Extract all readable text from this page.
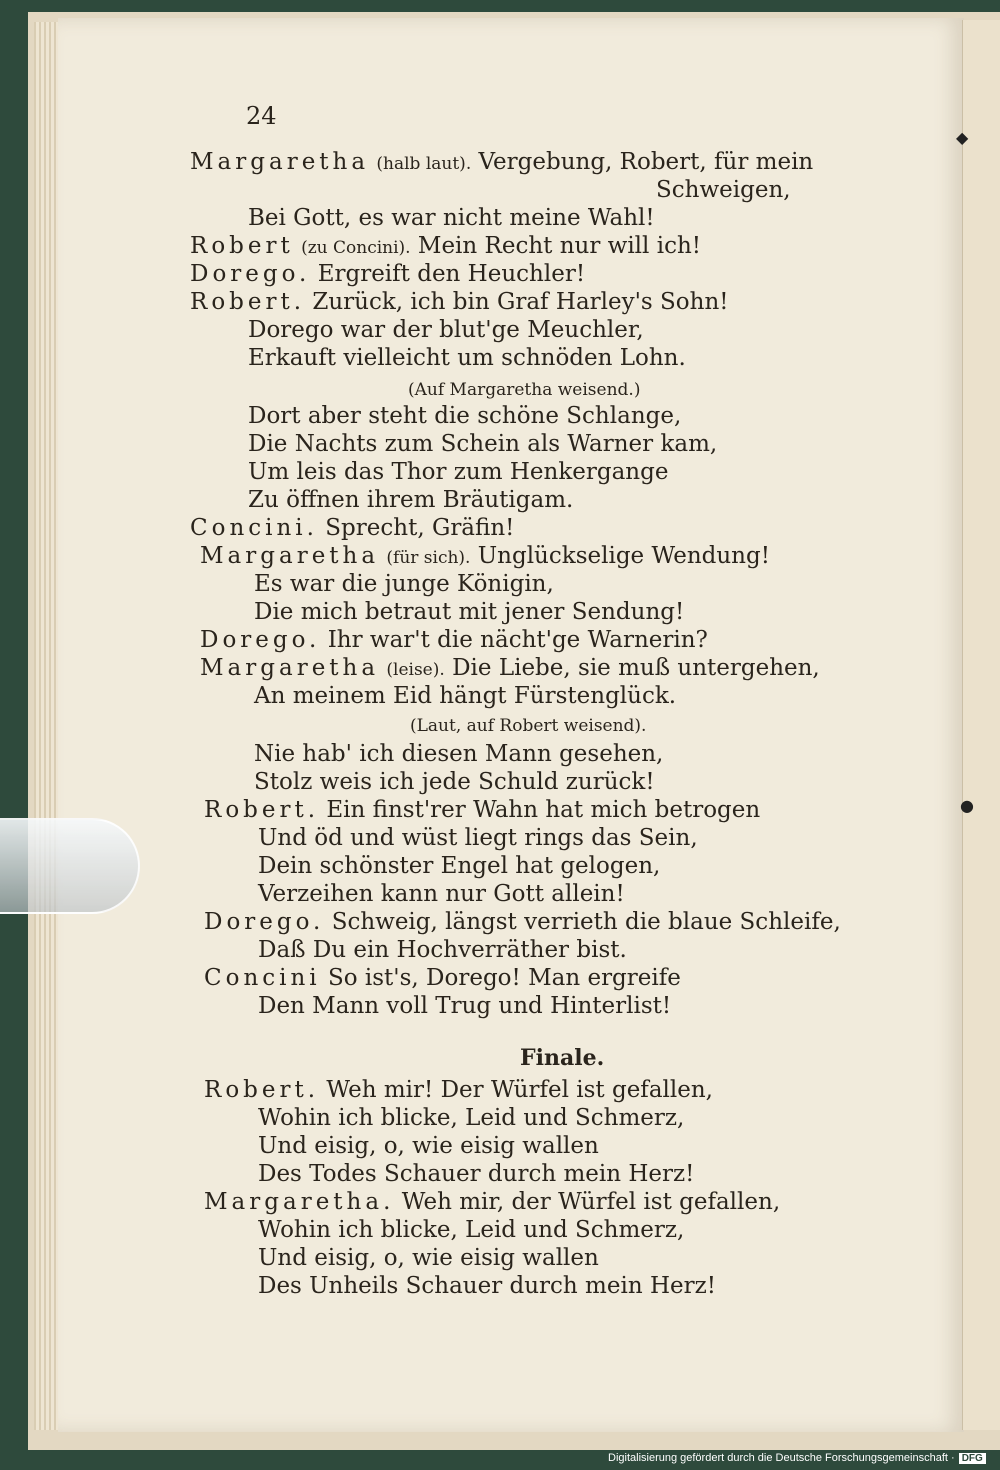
24
Margaretha (halb laut). Vergebung, Robert, für mein
Schweigen,
Bei Gott, es war nicht meine Wahl!
Robert (zu Concini). Mein Recht nur will ich!
Dorego. Ergreift den Heuchler!
Robert. Zurück, ich bin Graf Harley's Sohn!
Dorego war der blut'ge Meuchler,
Erkauft vielleicht um schnöden Lohn.
(Auf Margaretha weisend.)
Dort aber steht die schöne Schlange,
Die Nachts zum Schein als Warner kam,
Um leis das Thor zum Henkergange
Zu öffnen ihrem Bräutigam.
Concini. Sprecht, Gräfin!
Margaretha (für sich). Unglückselige Wendung!
Es war die junge Königin,
Die mich betraut mit jener Sendung!
Dorego. Ihr war't die nächt'ge Warnerin?
Margaretha (leise). Die Liebe, sie muß untergehen,
An meinem Eid hängt Fürstenglück.
(Laut, auf Robert weisend).
Nie hab' ich diesen Mann gesehen,
Stolz weis ich jede Schuld zurück!
Robert. Ein finst'rer Wahn hat mich betrogen
Und öd und wüst liegt rings das Sein,
Dein schönster Engel hat gelogen,
Verzeihen kann nur Gott allein!
Dorego. Schweig, längst verrieth die blaue Schleife,
Daß Du ein Hochverräther bist.
Concini So ist's, Dorego! Man ergreife
Den Mann voll Trug und Hinterlist!
Finale.
Robert. Weh mir! Der Würfel ist gefallen,
Wohin ich blicke, Leid und Schmerz,
Und eisig, o, wie eisig wallen
Des Todes Schauer durch mein Herz!
Margaretha. Weh mir, der Würfel ist gefallen,
Wohin ich blicke, Leid und Schmerz,
Und eisig, o, wie eisig wallen
Des Unheils Schauer durch mein Herz!
◆
●
Digitalisierung gefördert durch die Deutsche Forschungsgemeinschaft · DFG
